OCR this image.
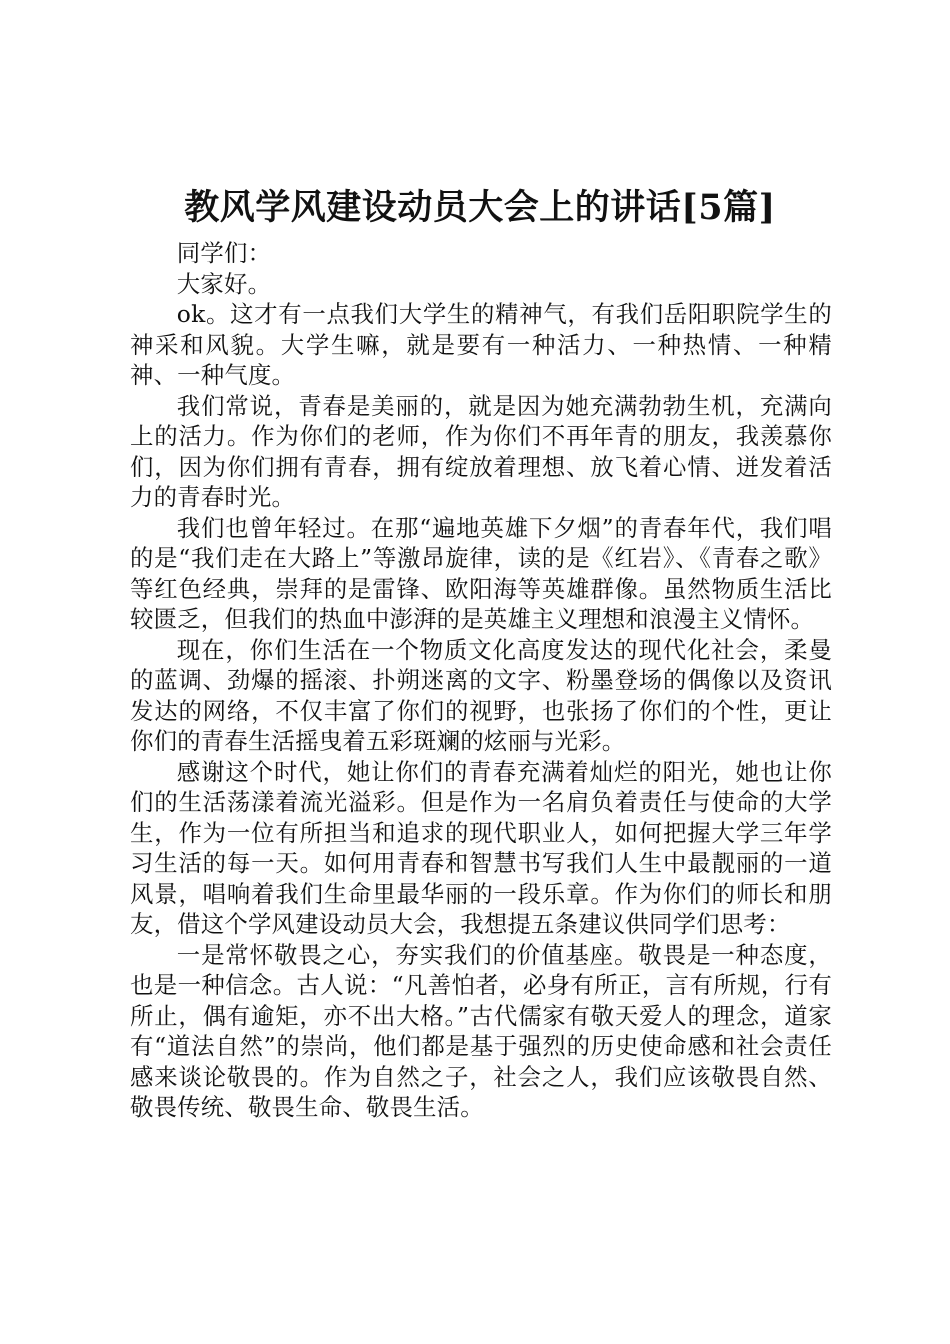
教风学风建设动员大会上的讲话[5篇]

同学们：

大家好。

ok。这才有一点我们大学生的精神气，有我们岳阳职院学生的神采和风貌。大学生嘛，就是要有一种活力、一种热情、一种精神、一种气度。

我们常说，青春是美丽的，就是因为她充满勃勃生机，充满向上的活力。作为你们的老师，作为你们不再年青的朋友，我羡慕你们，因为你们拥有青春，拥有绽放着理想、放飞着心情、迸发着活力的青春时光。

我们也曾年轻过。在那“遍地英雄下夕烟”的青春年代，我们唱的是“我们走在大路上”等激昂旋律，读的是《红岩》、《青春之歌》等红色经典，崇拜的是雷锋、欧阳海等英雄群像。虽然物质生活比较匮乏，但我们的热血中澎湃的是英雄主义理想和浪漫主义情怀。

现在，你们生活在一个物质文化高度发达的现代化社会，柔曼的蓝调、劲爆的摇滚、扑朔迷离的文字、粉墨登场的偶像以及资讯发达的网络，不仅丰富了你们的视野，也张扬了你们的个性，更让你们的青春生活摇曳着五彩斑斓的炫丽与光彩。

感谢这个时代，她让你们的青春充满着灿烂的阳光，她也让你们的生活荡漾着流光溢彩。但是作为一名肩负着责任与使命的大学生，作为一位有所担当和追求的现代职业人，如何把握大学三年学习生活的每一天。如何用青春和智慧书写我们人生中最靓丽的一道风景，唱响着我们生命里最华丽的一段乐章。作为你们的师长和朋友，借这个学风建设动员大会，我想提五条建议供同学们思考：

一是常怀敬畏之心，夯实我们的价值基座。敬畏是一种态度，也是一种信念。古人说：“凡善怕者，必身有所正，言有所规，行有所止，偶有逾矩，亦不出大格。”古代儒家有敬天爱人的理念，道家有“道法自然”的崇尚，他们都是基于强烈的历史使命感和社会责任感来谈论敬畏的。作为自然之子，社会之人，我们应该敬畏自然、敬畏传统、敬畏生命、敬畏生活。
